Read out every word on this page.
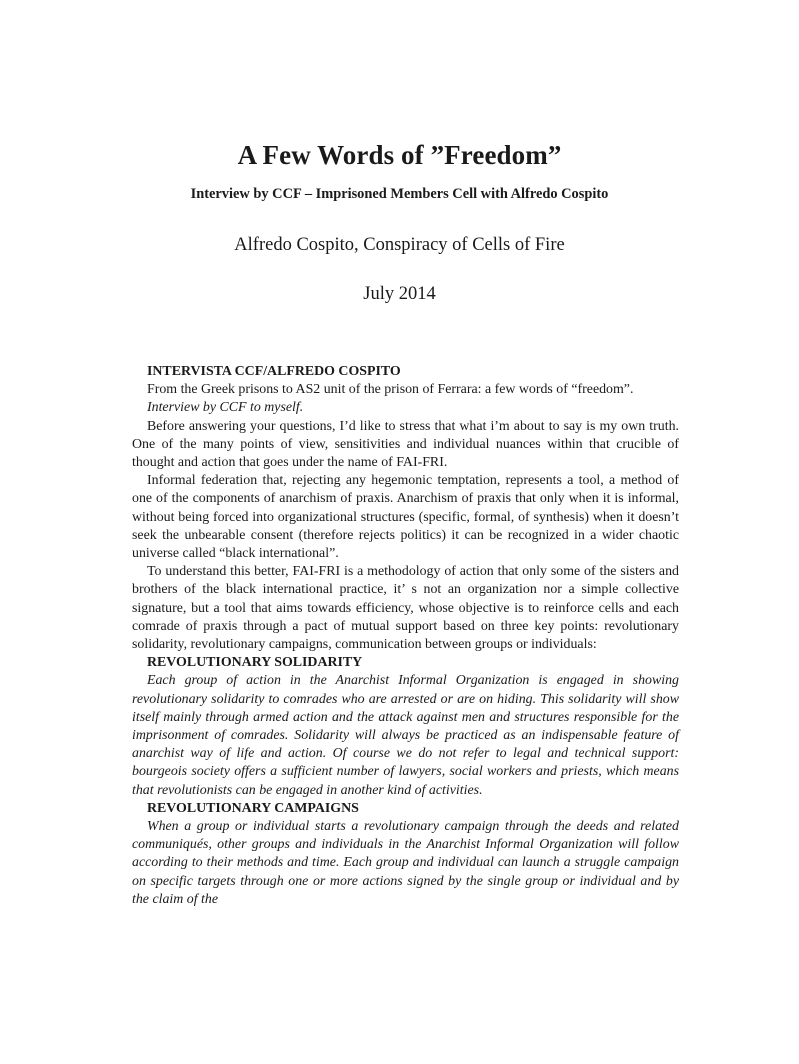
A Few Words of ”Freedom”
Interview by CCF – Imprisoned Members Cell with Alfredo Cospito
Alfredo Cospito, Conspiracy of Cells of Fire
July 2014

INTERVISTA CCF/ALFREDO COSPITO

From the Greek prisons to AS2 unit of the prison of Ferrara: a few words of “freedom”.

Interview by CCF to myself.

Before answering your questions, I’d like to stress that what i’m about to say is my own truth. One of the many points of view, sensitivities and individual nuances within that crucible of thought and action that goes under the name of FAI-FRI.

Informal federation that, rejecting any hegemonic temptation, represents a tool, a method of one of the components of anarchism of praxis. Anarchism of praxis that only when it is informal, without being forced into organizational structures (specific, formal, of synthesis) when it doesn’t seek the unbearable consent (therefore rejects politics) it can be recognized in a wider chaotic universe called “black international”.

To understand this better, FAI-FRI is a methodology of action that only some of the sisters and brothers of the black international practice, it’ s not an organization nor a simple collective signature, but a tool that aims towards efficiency, whose objective is to reinforce cells and each comrade of praxis through a pact of mutual support based on three key points: revolutionary solidarity, revolutionary campaigns, communication between groups or individuals:

REVOLUTIONARY SOLIDARITY

Each group of action in the Anarchist Informal Organization is engaged in showing revolutionary solidarity to comrades who are arrested or are on hiding. This solidarity will show itself mainly through armed action and the attack against men and structures responsible for the imprisonment of comrades. Solidarity will always be practiced as an indispensable feature of anarchist way of life and action. Of course we do not refer to legal and technical support: bourgeois society offers a sufficient number of lawyers, social workers and priests, which means that revolutionists can be engaged in another kind of activities.

REVOLUTIONARY CAMPAIGNS

When a group or individual starts a revolutionary campaign through the deeds and related communiqués, other groups and individuals in the Anarchist Informal Organization will follow according to their methods and time. Each group and individual can launch a struggle campaign on specific targets through one or more actions signed by the single group or individual and by the claim of the
